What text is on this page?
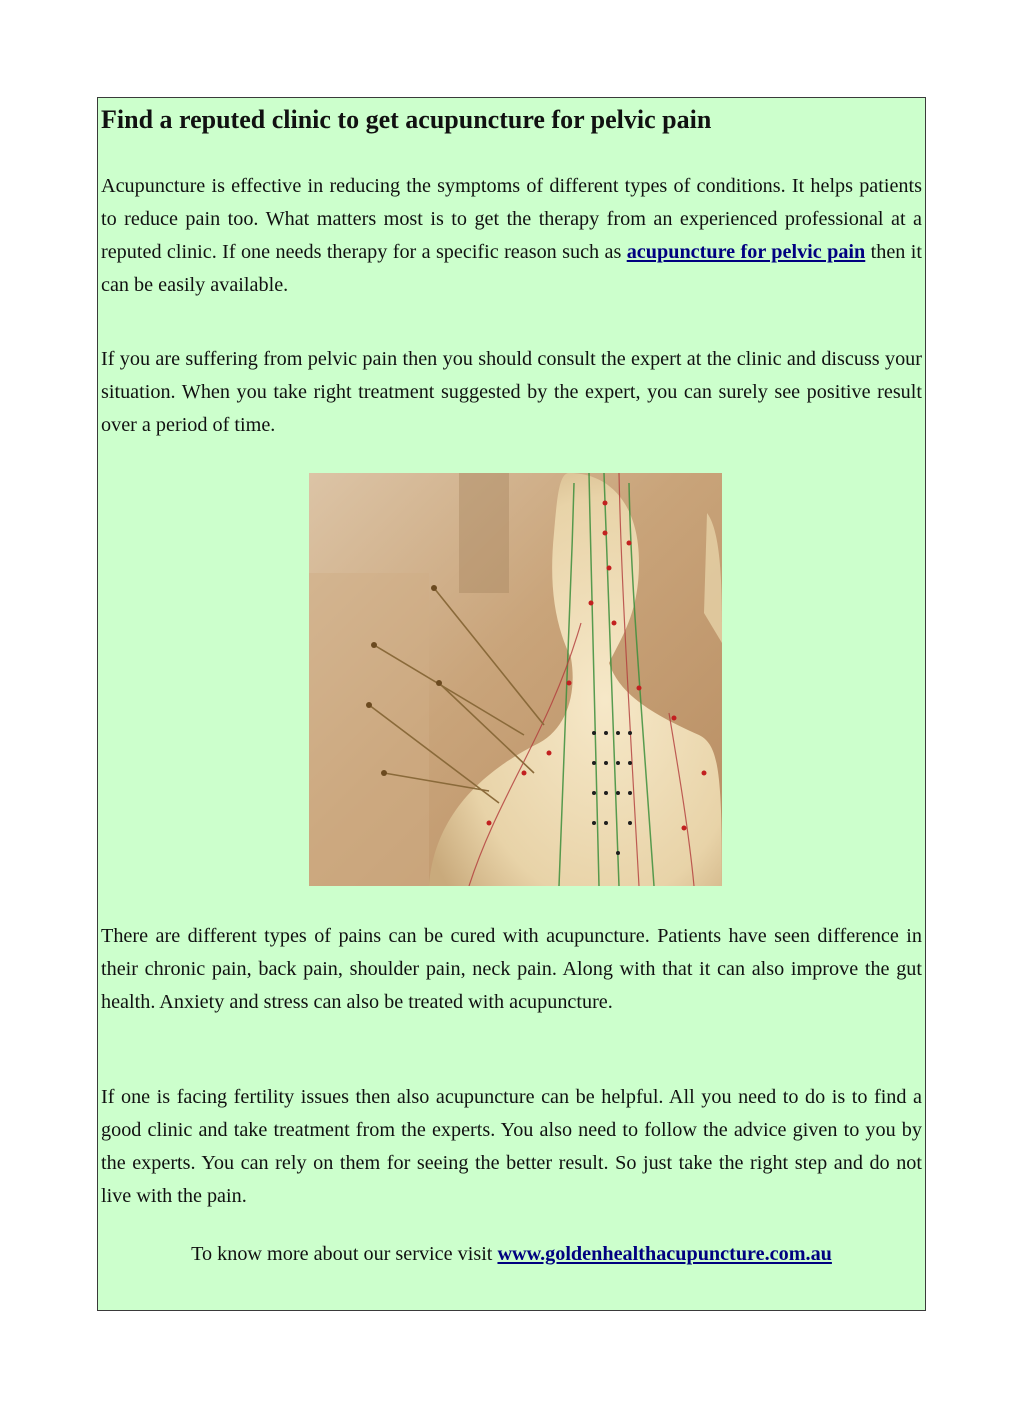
Find a reputed clinic to get acupuncture for pelvic pain

Acupuncture is effective in reducing the symptoms of different types of conditions. It helps patients to reduce pain too. What matters most is to get the therapy from an experienced professional at a reputed clinic. If one needs therapy for a specific reason such as acupuncture for pelvic pain then it can be easily available.

If you are suffering from pelvic pain then you should consult the expert at the clinic and discuss your situation. When you take right treatment suggested by the expert, you can surely see positive result over a period of time.

There are different types of pains can be cured with acupuncture. Patients have seen difference in their chronic pain, back pain, shoulder pain, neck pain. Along with that it can also improve the gut health. Anxiety and stress can also be treated with acupuncture.

If one is facing fertility issues then also acupuncture can be helpful. All you need to do is to find a good clinic and take treatment from the experts. You also need to follow the advice given to you by the experts. You can rely on them for seeing the better result. So just take the right step and do not live with the pain.

To know more about our service visit www.goldenhealthacupuncture.com.au
